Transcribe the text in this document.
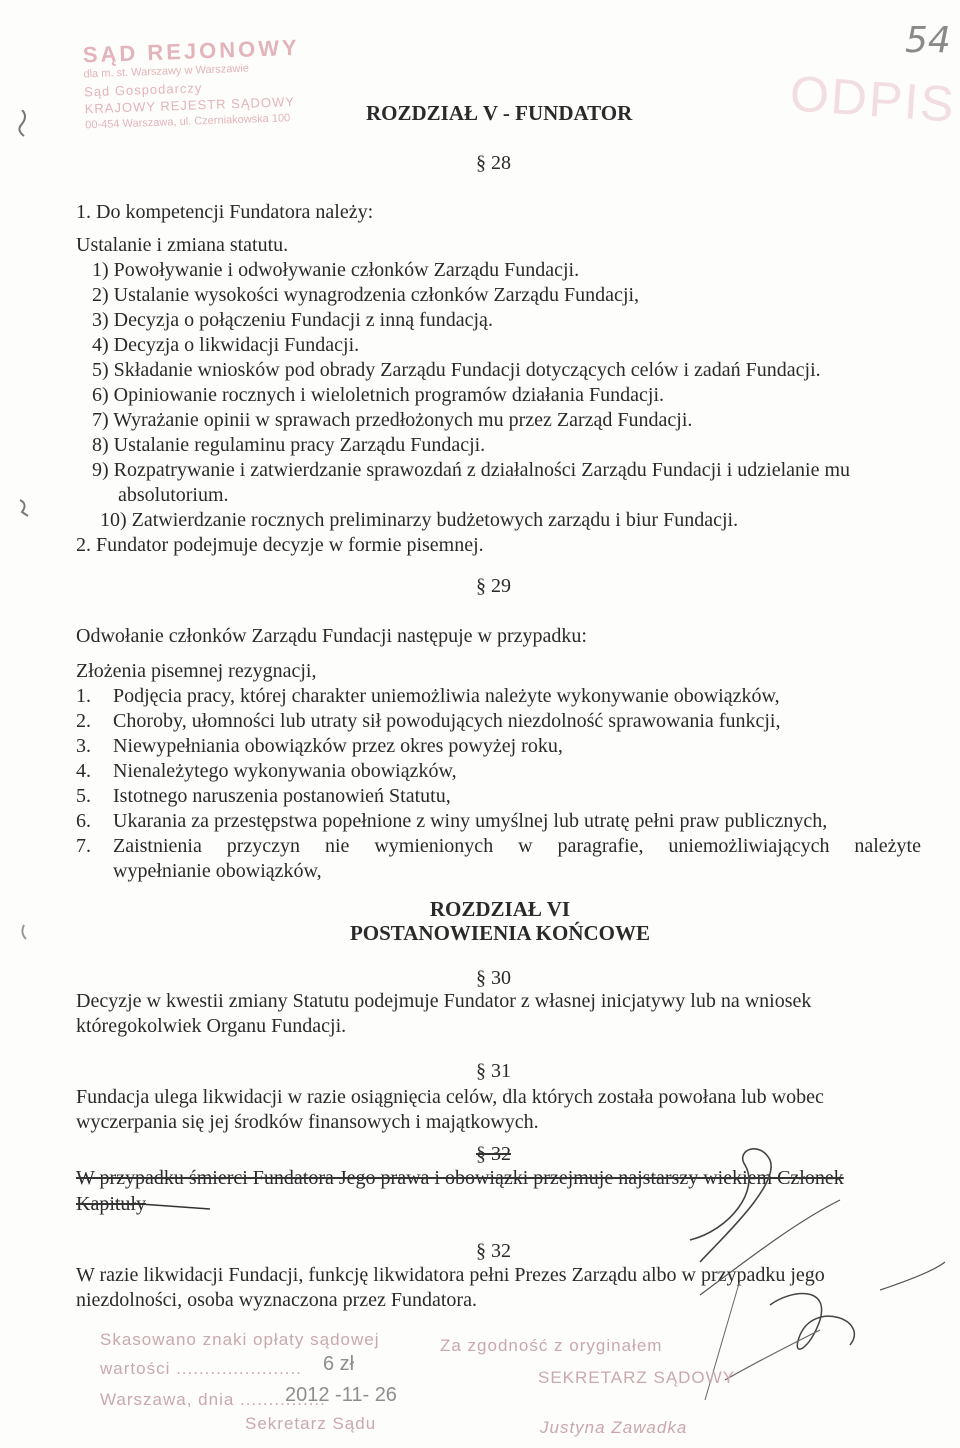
SĄD REJONOWY
dla m. st. Warszawy w Warszawie
Sąd Gospodarczy
KRAJOWY REJESTR SĄDOWY
00-454 Warszawa, ul. Czerniakowska 100	ODPIS
54
ROZDZIAŁ V - FUNDATOR
§ 28
1. Do kompetencji Fundatora należy:
Ustalanie i zmiana statutu.
1) Powoływanie i odwoływanie członków Zarządu Fundacji.
2) Ustalanie wysokości wynagrodzenia członków Zarządu Fundacji,
3) Decyzja o połączeniu Fundacji z inną fundacją.
4) Decyzja o likwidacji Fundacji.
5) Składanie wniosków pod obrady Zarządu Fundacji dotyczących celów i zadań Fundacji.
6) Opiniowanie rocznych i wieloletnich programów działania Fundacji.
7) Wyrażanie opinii w sprawach przedłożonych mu przez Zarząd Fundacji.
8) Ustalanie regulaminu pracy Zarządu Fundacji.
9) Rozpatrywanie i zatwierdzanie sprawozdań z działalności Zarządu Fundacji i udzielanie mu
absolutorium.
10) Zatwierdzanie rocznych preliminarzy budżetowych zarządu i biur Fundacji.
2. Fundator podejmuje decyzje w formie pisemnej.
§ 29
Odwołanie członków Zarządu Fundacji następuje w przypadku:
Złożenia pisemnej rezygnacji,
1. Podjęcia pracy, której charakter uniemożliwia należyte wykonywanie obowiązków,
2. Choroby, ułomności lub utraty sił powodujących niezdolność sprawowania funkcji,
3. Niewypełniania obowiązków przez okres powyżej roku,
4. Nienależytego wykonywania obowiązków,
5. Istotnego naruszenia postanowień Statutu,
6. Ukarania za przestępstwa popełnione z winy umyślnej lub utratę pełni praw publicznych,
7. Zaistnienia przyczyn nie wymienionych w paragrafie, uniemożliwiających należyte
wypełnianie obowiązków,
ROZDZIAŁ VI
POSTANOWIENIA KOŃCOWE
§ 30
Decyzje w kwestii zmiany Statutu podejmuje Fundator z własnej inicjatywy lub na wniosek
któregokolwiek Organu Fundacji.
§ 31
Fundacja ulega likwidacji w razie osiągnięcia celów, dla których została powołana lub wobec
wyczerpania się jej środków finansowych i majątkowych.
§ 32
W przypadku śmierci Fundatora Jego prawa i obowiązki przejmuje najstarszy wiekiem Członek
Kapituły
§ 32
W razie likwidacji Fundacji, funkcję likwidatora pełni Prezes Zarządu albo w przypadku jego
niezdolności, osoba wyznaczona przez Fundatora.
Skasowano znaki opłaty sądowej
wartości ...................... 6 zł
Warszawa, dnia ...............
2012 -11- 26
Sekretarz Sądu
Za zgodność z oryginałem
SEKRETARZ SĄDOWY
Justyna Zawadka
